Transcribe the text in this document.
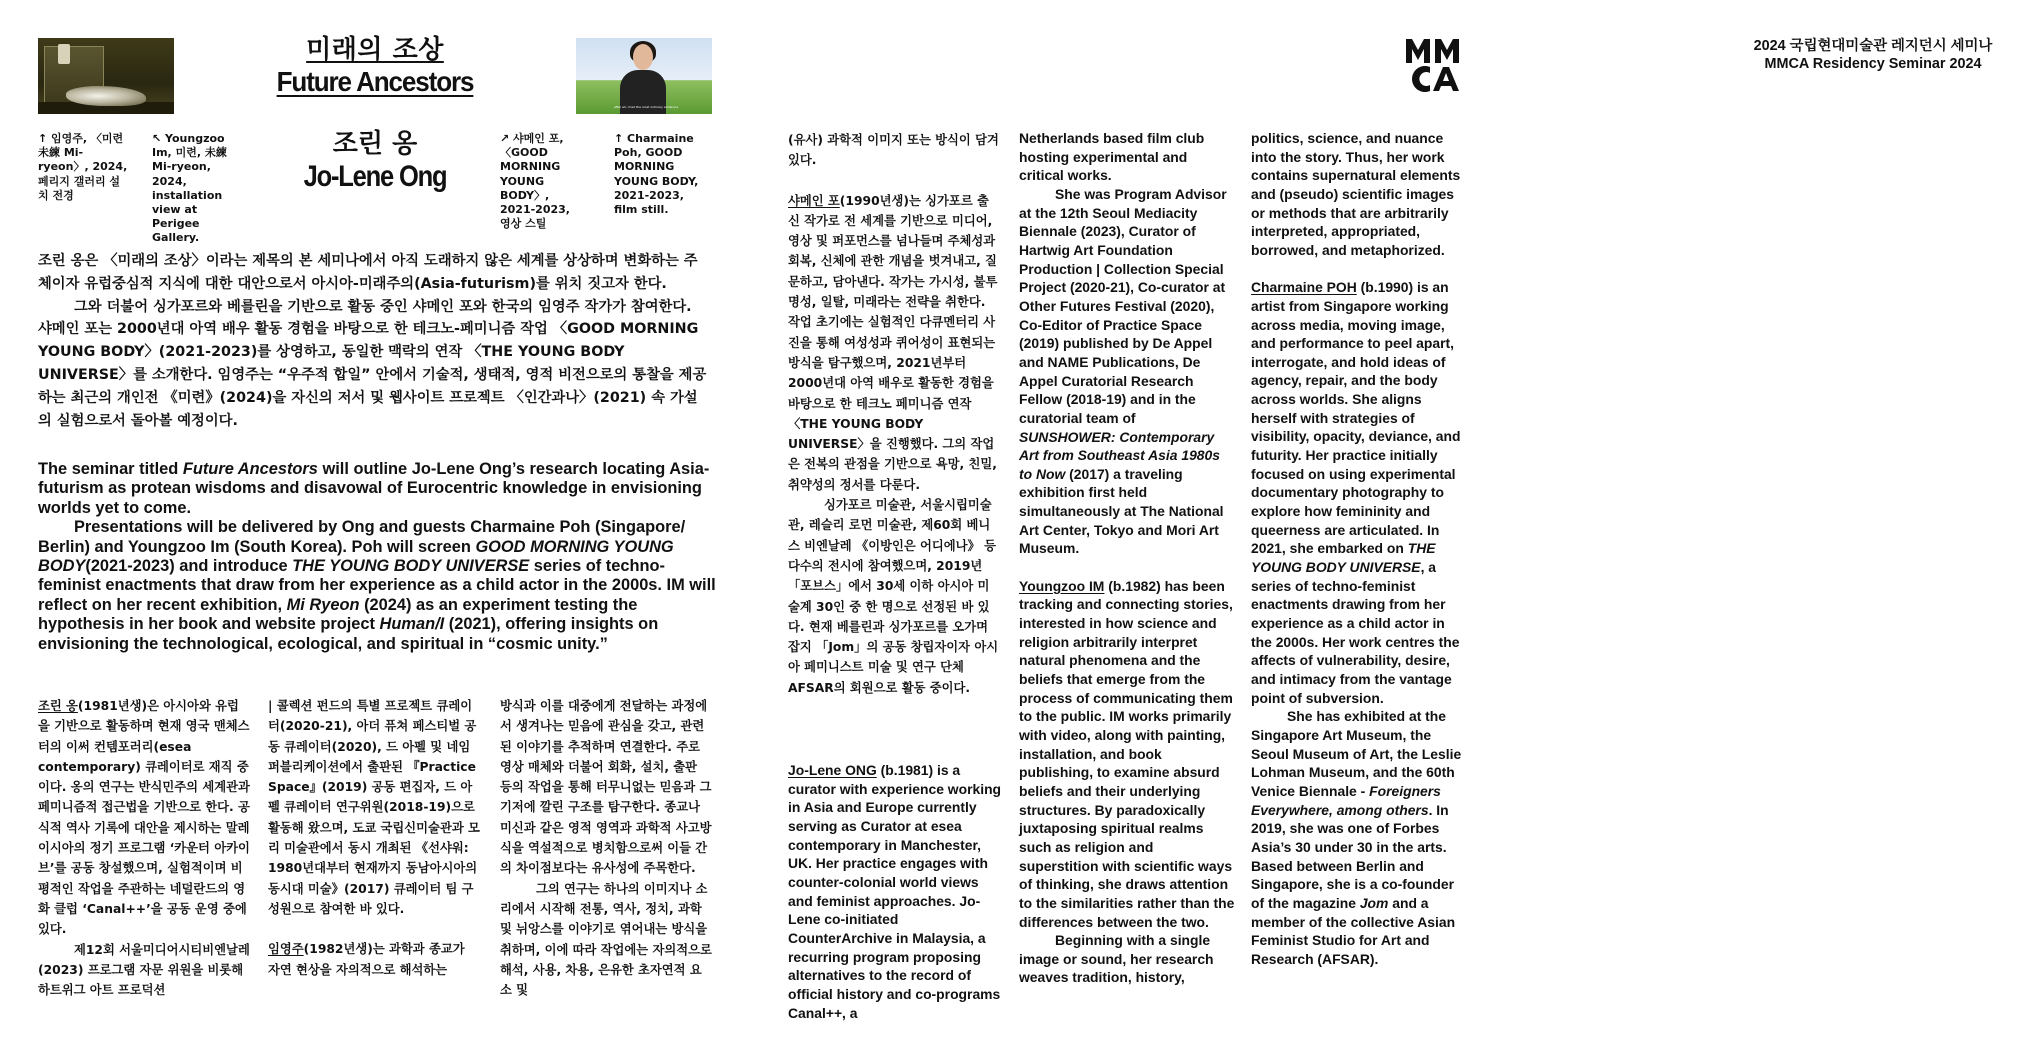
미래의 조상
Future Ancestors
After all, I had the most ordinary existence
↑ 임영주, 〈미련 未練 Mi-ryeon〉, 2024, 페리지 갤러리 설치 전경
↖ Youngzoo Im, 미련, 未練 Mi-ryeon, 2024, installation view at Perigee Gallery.
조린 옹
Jo-Lene Ong
↗ 샤메인 포, 〈GOOD MORNING YOUNG BODY〉, 2021-2023, 영상 스틸
↑ Charmaine Poh, GOOD MORNING YOUNG BODY, 2021-2023, film still.

조린 옹은 〈미래의 조상〉이라는 제목의 본 세미나에서 아직 도래하지 않은 세계를 상상하며 변화하는 주체이자 유럽중심적 지식에 대한 대안으로서 아시아-미래주의(Asia-futurism)를 위치 짓고자 한다.

그와 더불어 싱가포르와 베를린을 기반으로 활동 중인 샤메인 포와 한국의 임영주 작가가 참여한다. 샤메인 포는 2000년대 아역 배우 활동 경험을 바탕으로 한 테크노-페미니즘 작업 〈GOOD MORNING YOUNG BODY〉(2021-2023)를 상영하고, 동일한 맥락의 연작 〈THE YOUNG BODY UNIVERSE〉를 소개한다. 임영주는 “우주적 합일” 안에서 기술적, 생태적, 영적 비전으로의 통찰을 제공하는 최근의 개인전 《미련》(2024)을 자신의 저서 및 웹사이트 프로젝트 〈인간과나〉(2021) 속 가설의 실험으로서 돌아볼 예정이다.

The seminar titled Future Ancestors will outline Jo-Lene Ong’s research locating Asia-futurism as protean wisdoms and disavowal of Eurocentric knowledge in envisioning worlds yet to come.

Presentations will be delivered by Ong and guests Charmaine Poh (Singapore/ Berlin) and Youngzoo Im (South Korea). Poh will screen GOOD MORNING YOUNG BODY(2021-2023) and introduce THE YOUNG BODY UNIVERSE series of techno-feminist enactments that draw from her experience as a child actor in the 2000s. IM will reflect on her recent exhibition, Mi Ryeon (2024) as an experiment testing the hypothesis in her book and website project Human/I (2021), offering insights on envisioning the technological, ecological, and spiritual in “cosmic unity.”

조린 옹(1981년생)은 아시아와 유럽을 기반으로 활동하며 현재 영국 맨체스터의 이써 컨템포러리(esea contemporary) 큐레이터로 재직 중이다. 옹의 연구는 반식민주의 세계관과 페미니즘적 접근법을 기반으로 한다. 공식적 역사 기록에 대안을 제시하는 말레이시아의 정기 프로그램 ‘카운터 아카이브’를 공동 창설했으며, 실험적이며 비평적인 작업을 주관하는 네덜란드의 영화 클럽 ‘Canal++’을 공동 운영 중에 있다.

제12회 서울미디어시티비엔날레(2023) 프로그램 자문 위원을 비롯해 하트위그 아트 프로덕션

| 콜렉션 펀드의 특별 프로젝트 큐레이터(2020-21), 아더 퓨쳐 페스티벌 공동 큐레이터(2020), 드 아펠 및 네임 퍼블리케이션에서 출판된 『Practice Space』(2019) 공동 편집자, 드 아펠 큐레이터 연구위원(2018-19)으로 활동해 왔으며, 도쿄 국립신미술관과 모리 미술관에서 동시 개최된 《선샤워: 1980년대부터 현재까지 동남아시아의 동시대 미술》(2017) 큐레이터 팀 구성원으로 참여한 바 있다.

임영주(1982년생)는 과학과 종교가 자연 현상을 자의적으로 해석하는

방식과 이를 대중에게 전달하는 과정에서 생겨나는 믿음에 관심을 갖고, 관련된 이야기를 추적하며 연결한다. 주로 영상 매체와 더불어 회화, 설치, 출판 등의 작업을 통해 터무니없는 믿음과 그 기저에 깔린 구조를 탐구한다. 종교나 미신과 같은 영적 영역과 과학적 사고방식을 역설적으로 병치함으로써 이들 간의 차이점보다는 유사성에 주목한다.

그의 연구는 하나의 이미지나 소리에서 시작해 전통, 역사, 정치, 과학 및 뉘앙스를 이야기로 엮어내는 방식을 취하며, 이에 따라 작업에는 자의적으로 해석, 사용, 차용, 은유한 초자연적 요소 및

2024 국립현대미술관 레지던시 세미나
MMCA Residency Seminar 2024

(유사) 과학적 이미지 또는 방식이 담겨 있다.

샤메인 포(1990년생)는 싱가포르 출신 작가로 전 세계를 기반으로 미디어, 영상 및 퍼포먼스를 넘나들며 주체성과 회복, 신체에 관한 개념을 벗겨내고, 질문하고, 담아낸다. 작가는 가시성, 불투명성, 일탈, 미래라는 전략을 취한다. 작업 초기에는 실험적인 다큐멘터리 사진을 통해 여성성과 퀴어성이 표현되는 방식을 탐구했으며, 2021년부터 2000년대 아역 배우로 활동한 경험을 바탕으로 한 테크노 페미니즘 연작 〈THE YOUNG BODY UNIVERSE〉을 진행했다. 그의 작업은 전복의 관점을 기반으로 욕망, 친밀, 취약성의 정서를 다룬다.

싱가포르 미술관, 서울시립미술관, 레슬리 로먼 미술관, 제60회 베니스 비엔날레 《이방인은 어디에나》 등 다수의 전시에 참여했으며, 2019년 「포브스」에서 30세 이하 아시아 미술계 30인 중 한 명으로 선정된 바 있다. 현재 베를린과 싱가포르를 오가며 잡지 「Jom」의 공동 창립자이자 아시아 페미니스트 미술 및 연구 단체 AFSAR의 회원으로 활동 중이다.

Jo-Lene ONG (b.1981) is a curator with experience working in Asia and Europe currently serving as Curator at esea contemporary in Manchester, UK. Her practice engages with counter-colonial world views and feminist approaches. Jo-Lene co-initiated CounterArchive in Malaysia, a recurring program proposing alternatives to the record of official history and co-programs Canal++, a

Netherlands based film club hosting experimental and critical works.

She was Program Advisor at the 12th Seoul Mediacity Biennale (2023), Curator of Hartwig Art Foundation Production | Collection Special Project (2020-21), Co-curator at Other Futures Festival (2020), Co-Editor of Practice Space (2019) published by De Appel and NAME Publications, De Appel Curatorial Research Fellow (2018-19) and in the curatorial team of SUNSHOWER: Contemporary Art from Southeast Asia 1980s to Now (2017) a traveling exhibition first held simultaneously at The National Art Center, Tokyo and Mori Art Museum.

Youngzoo IM (b.1982) has been tracking and connecting stories, interested in how science and religion arbitrarily interpret natural phenomena and the beliefs that emerge from the process of communicating them to the public. IM works primarily with video, along with painting, installation, and book publishing, to examine absurd beliefs and their underlying structures. By paradoxically juxtaposing spiritual realms such as religion and superstition with scientific ways of thinking, she draws attention to the similarities rather than the differences between the two.

Beginning with a single image or sound, her research weaves tradition, history,

politics, science, and nuance into the story. Thus, her work contains supernatural elements and (pseudo) scientific images or methods that are arbitrarily interpreted, appropriated, borrowed, and metaphorized.

Charmaine POH (b.1990) is an artist from Singapore working across media, moving image, and performance to peel apart, interrogate, and hold ideas of agency, repair, and the body across worlds. She aligns herself with strategies of visibility, opacity, deviance, and futurity. Her practice initially focused on using experimental documentary photography to explore how femininity and queerness are articulated. In 2021, she embarked on THE YOUNG BODY UNIVERSE, a series of techno-feminist enactments drawing from her experience as a child actor in the 2000s. Her work centres the affects of vulnerability, desire, and intimacy from the vantage point of subversion.

She has exhibited at the Singapore Art Museum, the Seoul Museum of Art, the Leslie Lohman Museum, and the 60th Venice Biennale - Foreigners Everywhere, among others. In 2019, she was one of Forbes Asia’s 30 under 30 in the arts. Based between Berlin and Singapore, she is a co-founder of the magazine Jom and a member of the collective Asian Feminist Studio for Art and Research (AFSAR).
